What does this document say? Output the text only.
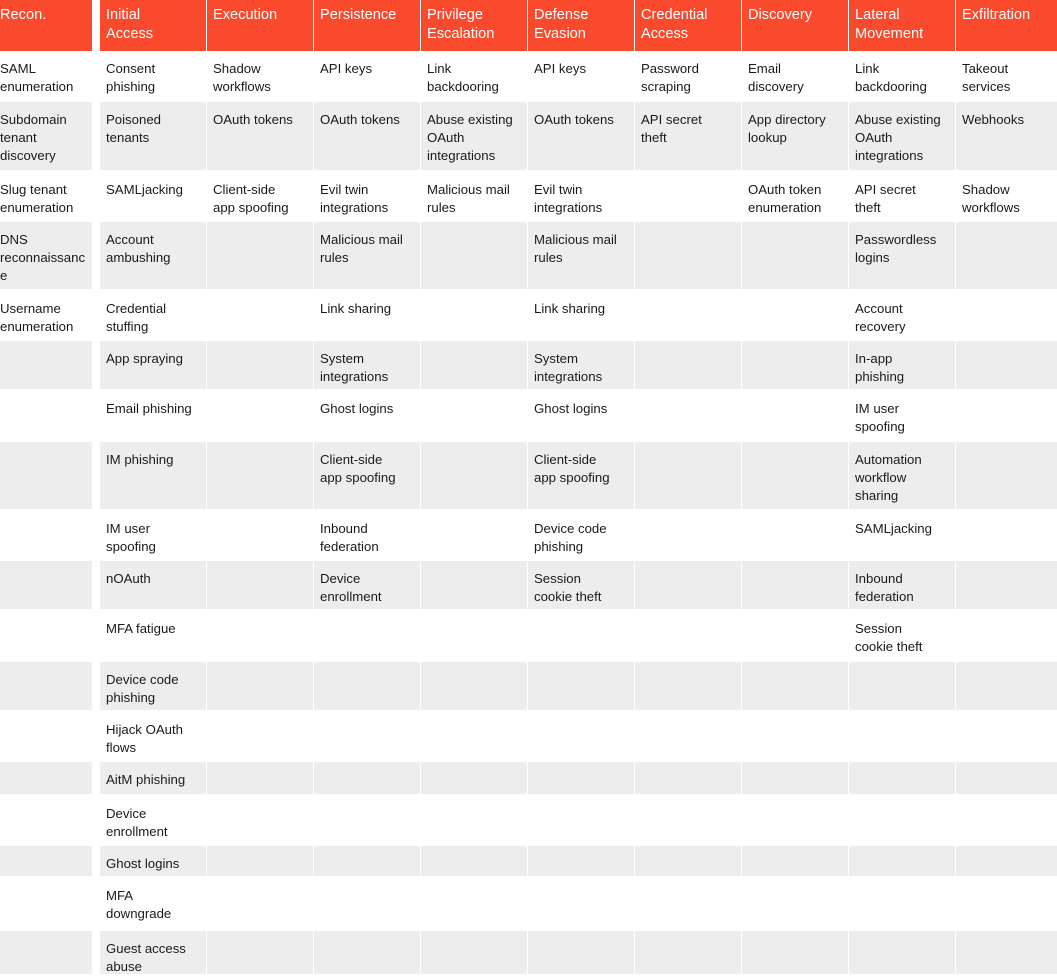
Recon.
SAML
enumeration
Subdomain
tenant
discovery
Slug tenant
enumeration
DNS
reconnaissanc
e
Username
enumeration
Initial
Access
Consent
phishing
Poisoned
tenants
SAMLjacking
Account
ambushing
Credential
stuffing
App spraying
Email phishing
IM phishing
IM user
spoofing
nOAuth
MFA fatigue
Device code
phishing
Hijack OAuth
flows
AitM phishing
Device
enrollment
Ghost logins
MFA
downgrade
Guest access
abuse
Execution
Shadow
workflows
OAuth tokens
Client-side
app spoofing
Persistence
API keys
OAuth tokens
Evil twin
integrations
Malicious mail
rules
Link sharing
System
integrations
Ghost logins
Client-side
app spoofing
Inbound
federation
Device
enrollment
Privilege
Escalation
Link
backdooring
Abuse existing
OAuth
integrations
Malicious mail
rules
Defense
Evasion
API keys
OAuth tokens
Evil twin
integrations
Malicious mail
rules
Link sharing
System
integrations
Ghost logins
Client-side
app spoofing
Device code
phishing
Session
cookie theft
Credential
Access
Password
scraping
API secret
theft
Discovery
Email
discovery
App directory
lookup
OAuth token
enumeration
Lateral
Movement
Link
backdooring
Abuse existing
OAuth
integrations
API secret
theft
Passwordless
logins
Account
recovery
In-app
phishing
IM user
spoofing
Automation
workflow
sharing
SAMLjacking
Inbound
federation
Session
cookie theft
Exfiltration
Takeout
services
Webhooks
Shadow
workflows
